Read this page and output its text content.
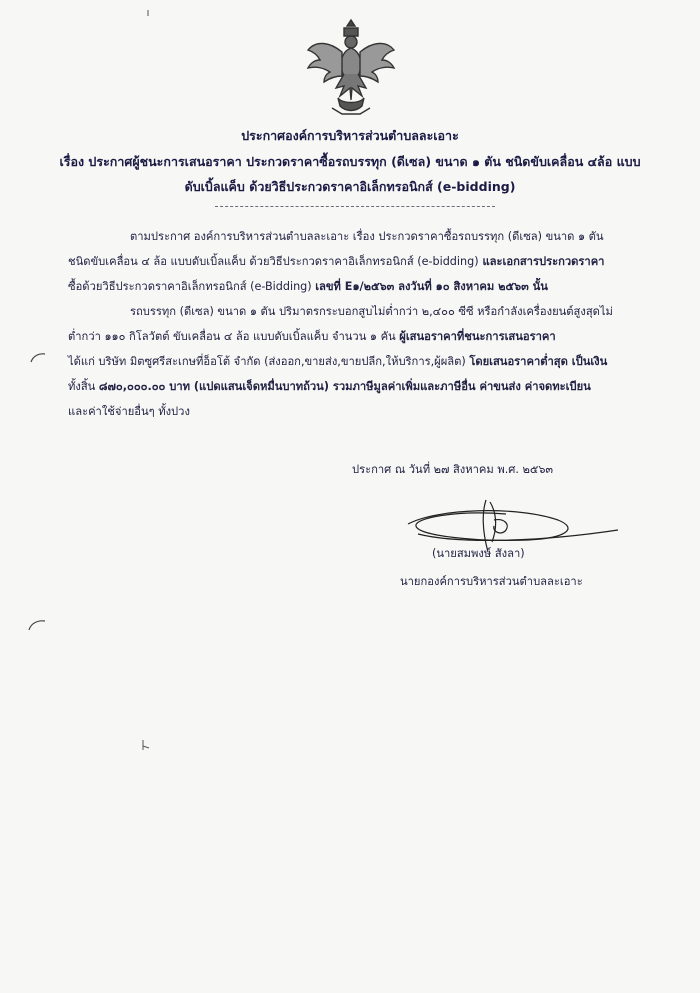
ประกาศองค์การบริหารส่วนตำบลละเอาะ
เรื่อง ประกาศผู้ชนะการเสนอราคา ประกวดราคาซื้อรถบรรทุก (ดีเซล) ขนาด ๑ ตัน ชนิดขับเคลื่อน ๔ล้อ แบบ
ดับเบิ้ลแค็บ ด้วยวิธีประกวดราคาอิเล็กทรอนิกส์ (e-bidding)
ตามประกาศ องค์การบริหารส่วนตำบลละเอาะ เรื่อง ประกวดราคาซื้อรถบรรทุก (ดีเซล) ขนาด ๑ ตัน
ชนิดขับเคลื่อน ๔ ล้อ แบบดับเบิ้ลแค็บ ด้วยวิธีประกวดราคาอิเล็กทรอนิกส์ (e-bidding) และเอกสารประกวดราคา
ซื้อด้วยวิธีประกวดราคาอิเล็กทรอนิกส์ (e-Bidding) เลขที่ E๑/๒๕๖๓ ลงวันที่ ๑๐ สิงหาคม ๒๕๖๓ นั้น
รถบรรทุก (ดีเซล) ขนาด ๑ ตัน ปริมาตรกระบอกสูบไม่ต่ำกว่า ๒,๔๐๐ ซีซี หรือกำลังเครื่องยนต์สูงสุดไม่
ต่ำกว่า ๑๑๐ กิโลวัตต์ ขับเคลื่อน ๔ ล้อ แบบดับเบิ้ลแค็บ จำนวน ๑ คัน ผู้เสนอราคาที่ชนะการเสนอราคา
ได้แก่ บริษัท มิตซูศรีสะเกษที่อ็อโต้ จำกัด (ส่งออก,ขายส่ง,ขายปลีก,ให้บริการ,ผู้ผลิต) โดยเสนอราคาต่ำสุด เป็นเงิน
ทั้งสิ้น ๘๗๐,๐๐๐.๐๐ บาท (แปดแสนเจ็ดหมื่นบาทถ้วน) รวมภาษีมูลค่าเพิ่มและภาษีอื่น ค่าขนส่ง ค่าจดทะเบียน
และค่าใช้จ่ายอื่นๆ ทั้งปวง
ประกาศ ณ วันที่ ๒๗ สิงหาคม พ.ศ. ๒๕๖๓
(นายสมพงษ์ สังลา)
นายกองค์การบริหารส่วนตำบลละเอาะ
